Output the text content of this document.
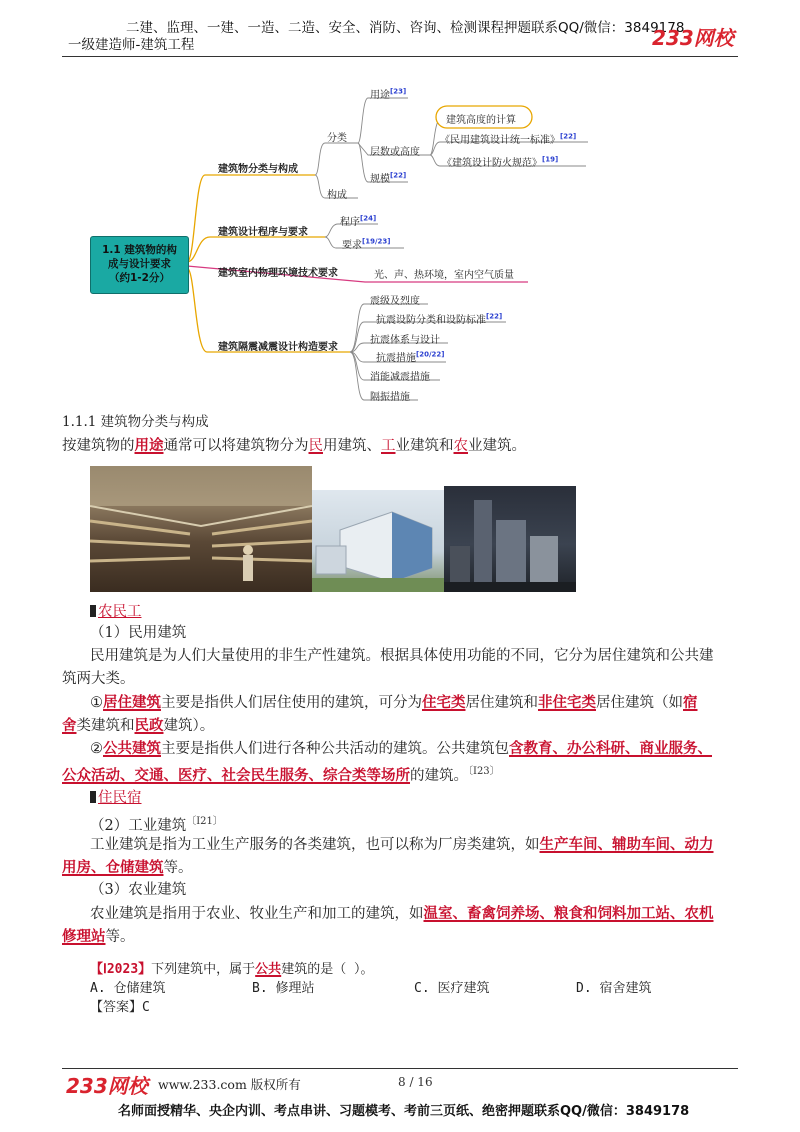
二建、监理、一建、一造、二造、安全、消防、咨询、检测课程押题联系QQ/微信：3849178
一级建造师-建筑工程	233网校
1.1 建筑物的构
成与设计要求
（约1-2分）
建筑物分类与构成
分类
构成
用途[23]
层数或高度
建筑高度的计算
《民用建筑设计统一标准》[22]
《建筑设计防火规范》[19]
规模[22]
建筑设计程序与要求
程序[24]
要求[19/23]
建筑室内物理环境技术要求	光、声、热环境，室内空气质量
建筑隔震减震设计构造要求
震级及烈度
抗震设防分类和设防标准[22]
抗震体系与设计
抗震措施[20/22]
消能减震措施
隔振措施
1.1.1 建筑物分类与构成
按建筑物的用途通常可以将建筑物分为民用建筑、工业建筑和农业建筑。
农民工
（1）民用建筑
民用建筑是为人们大量使用的非生产性建筑。根据具体使用功能的不同，它分为居住建筑和公共建
筑两大类。
①居住建筑主要是指供人们居住使用的建筑，可分为住宅类居住建筑和非住宅类居住建筑（如宿
舍类建筑和民政建筑）。
②公共建筑主要是指供人们进行各种公共活动的建筑。公共建筑包含教育、办公科研、商业服务、
公众活动、交通、医疗、社会民生服务、综合类等场所的建筑。$^{〔Ⅰ23〕}$
住民宿
（2）工业建筑$^{〔Ⅰ21〕}$
工业建筑是指为工业生产服务的各类建筑，也可以称为厂房类建筑，如生产车间、辅助车间、动力
用房、仓储建筑等。
（3）农业建筑
农业建筑是指用于农业、牧业生产和加工的建筑，如温室、畜禽饲养场、粮食和饲料加工站、农机
修理站等。
【Ⅰ2023】下列建筑中，属于公共建筑的是（ ）。
A. 仓储建筑	B. 修理站	C. 医疗建筑	D. 宿舍建筑
【答案】C
233网校 www.233.com 版权所有	8 / 16
名师面授精华、央企内训、考点串讲、习题模考、考前三页纸、绝密押题联系QQ/微信：3849178
